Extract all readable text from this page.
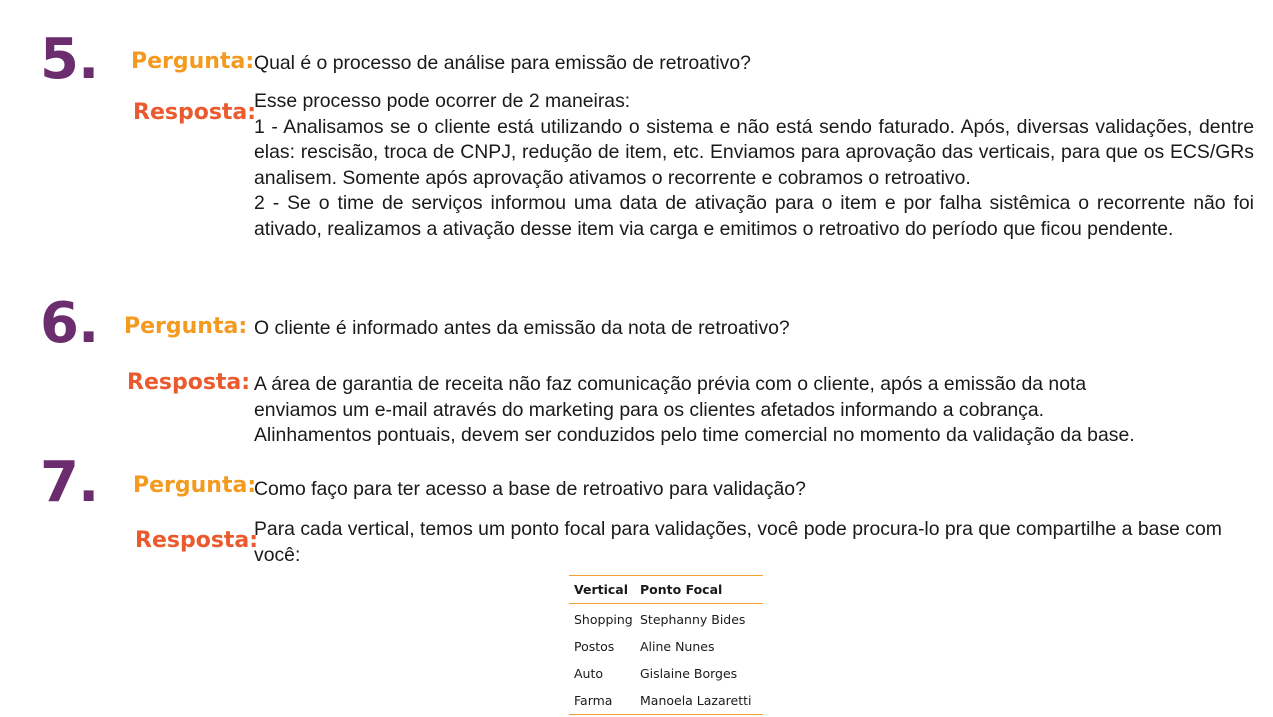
5. Pergunta: Qual é o processo de análise para emissão de retroativo?
Resposta:
Esse processo pode ocorrer de 2 maneiras:
1 - Analisamos se o cliente está utilizando o sistema e não está sendo faturado. Após, diversas validações, dentre elas: rescisão, troca de CNPJ, redução de item, etc. Enviamos para aprovação das verticais, para que os ECS/GRs analisem. Somente após aprovação ativamos o recorrente e cobramos o retroativo.
2 - Se o time de serviços informou uma data de ativação para o item e por falha sistêmica o recorrente não foi ativado, realizamos a ativação desse item via carga e emitimos o retroativo do período que ficou pendente.
6. Pergunta: O cliente é informado antes da emissão da nota de retroativo?
Resposta: A área de garantia de receita não faz comunicação prévia com o cliente, após a emissão da nota
enviamos um e-mail através do marketing para os clientes afetados informando a cobrança.
Alinhamentos pontuais, devem ser conduzidos pelo time comercial no momento da validação da base.
7. Pergunta:
Como faço para ter acesso a base de retroativo para validação?
Resposta:
Para cada vertical, temos um ponto focal para validações, você pode procura-lo pra que compartilhe a base com você:
Vertical Ponto Focal
Shopping Stephanny Bides
Postos	Aline Nunes
Auto	Gislaine Borges
Farma	Manoela Lazaretti
